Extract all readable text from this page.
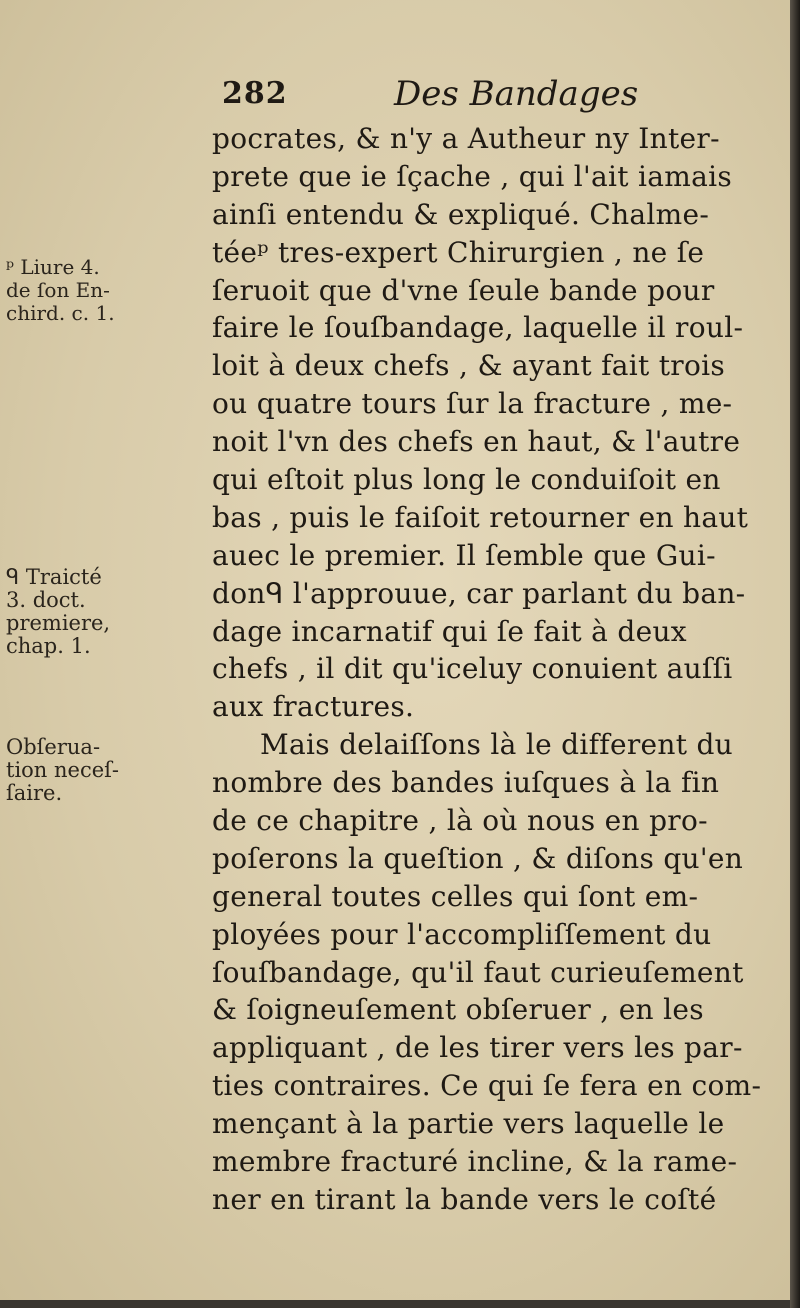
282	Des Bandages
pocrates, & n'y a Autheur ny Inter-
prete que ie ſçache , qui l'ait iamais
ainſi entendu & expliqué. Chalme-
téeᵖ tres-expert Chirurgien , ne ſe
ſeruoit que d'vne ſeule bande pour
faire le ſouſbandage, laquelle il roul-
loit à deux chefs , & ayant fait trois
ou quatre tours ſur la fracture , me-
noit l'vn des chefs en haut, & l'autre
qui eſtoit plus long le conduiſoit en
bas , puis le faiſoit retourner en haut
auec le premier. Il ſemble que Gui-
donᑫ l'approuue, car parlant du ban-
dage incarnatif qui ſe fait à deux
chefs , il dit qu'iceluy conuient auſſi
aux fractures.
Mais delaiſſons là le different du
nombre des bandes iuſques à la fin
de ce chapitre , là où nous en pro-
poſerons la queſtion , & diſons qu'en
general toutes celles qui ſont em-
ployées pour l'accompliſſement du
ſouſbandage, qu'il faut curieuſement
& ſoigneuſement obſeruer , en les
appliquant , de les tirer vers les par-
ties contraires. Ce qui ſe fera en com-
mençant à la partie vers laquelle le
membre fracturé incline, & la rame-
ner en tirant la bande vers le coſté
ᵖ Liure 4.
de ſon En-
chird. c. 1.
ᑫ Traicté
3. doct.
premiere,
chap. 1.
Obſerua-
tion neceſ-
ſaire.
